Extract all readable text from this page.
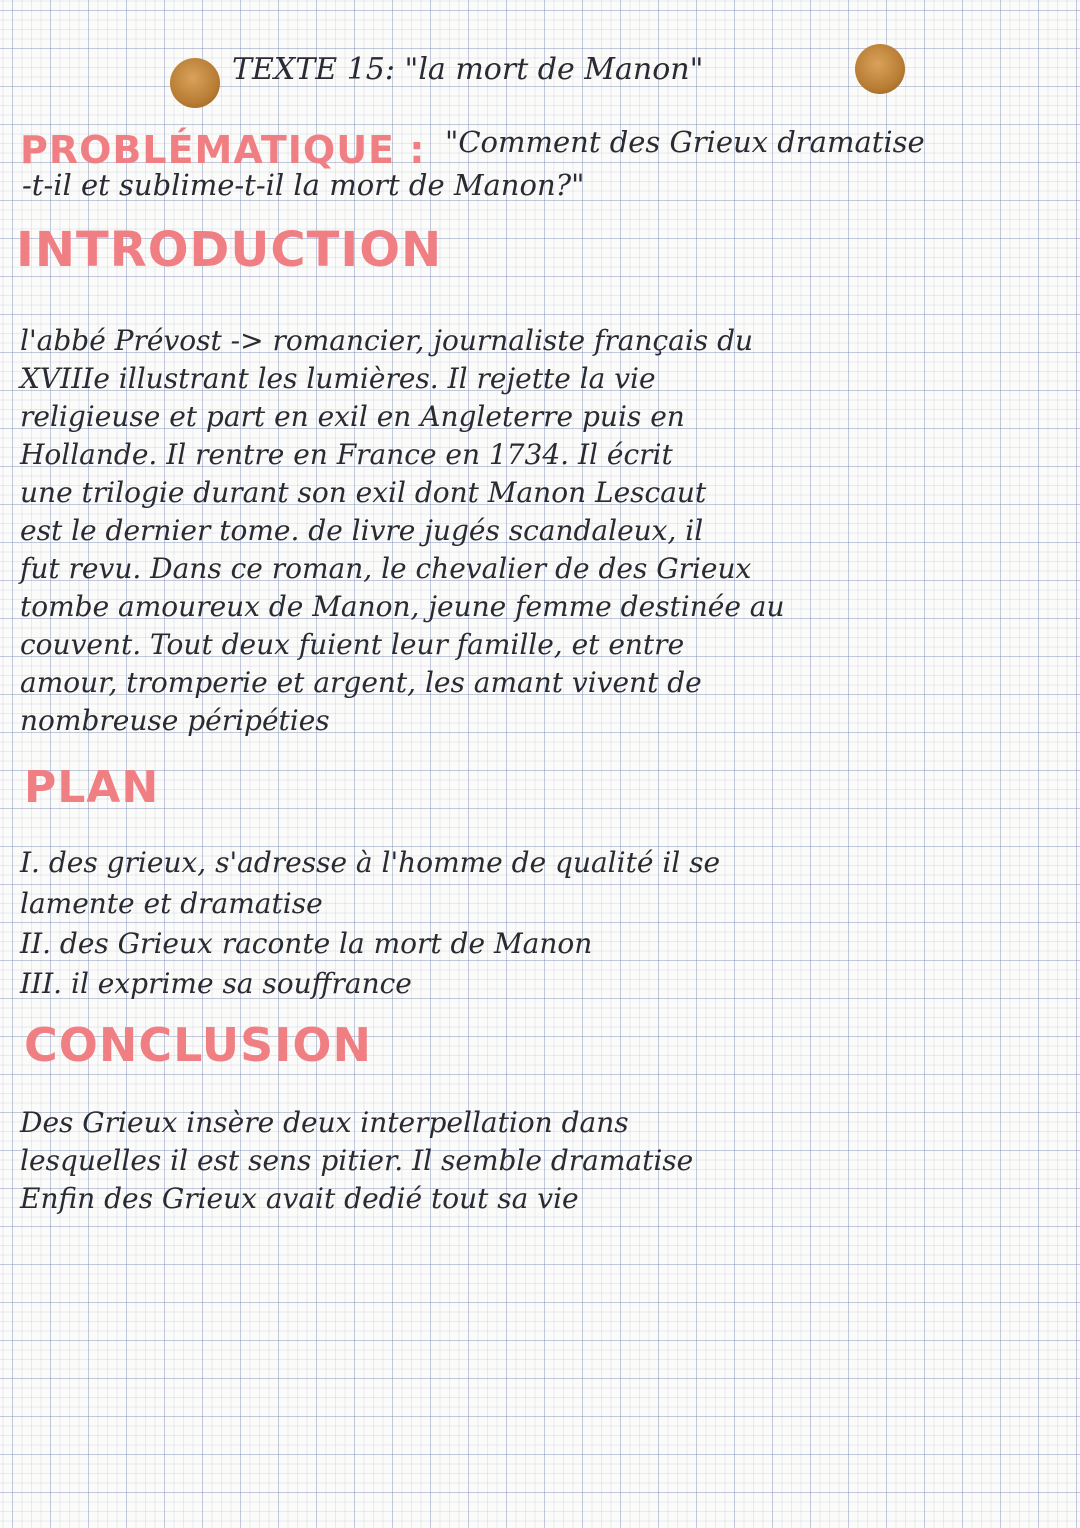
TEXTE 15: "la mort de Manon"
PROBLÉMATIQUE : "Comment des Grieux dramatise
-t-il et sublime-t-il la mort de Manon?"
INTRODUCTION
l'abbé Prévost -> romancier, journaliste français du
XVIIIe illustrant les lumières. Il rejette la vie
religieuse et part en exil en Angleterre puis en
Hollande. Il rentre en France en 1734. Il écrit
une trilogie durant son exil dont Manon Lescaut
est le dernier tome. de livre jugés scandaleux, il
fut revu. Dans ce roman, le chevalier de des Grieux
tombe amoureux de Manon, jeune femme destinée au
couvent. Tout deux fuient leur famille, et entre
amour, tromperie et argent, les amant vivent de
nombreuse péripéties
PLAN
I. des grieux, s'adresse à l'homme de qualité il se
lamente et dramatise
II. des Grieux raconte la mort de Manon
III. il exprime sa souffrance
CONCLUSION
Des Grieux insère deux interpellation dans
lesquelles il est sens pitier. Il semble dramatise
Enfin des Grieux avait dedié tout sa vie
